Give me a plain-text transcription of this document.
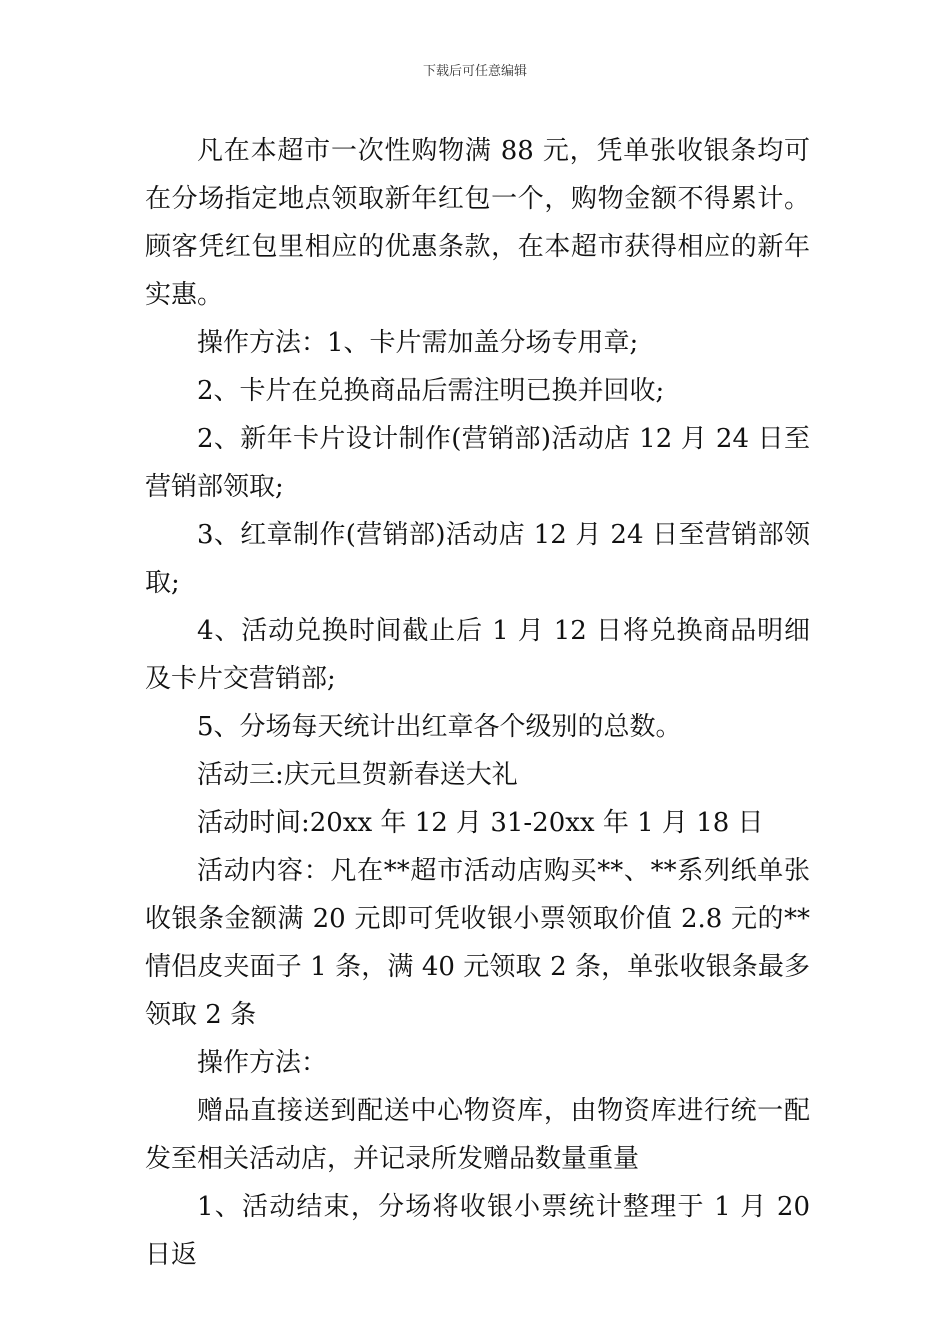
下载后可任意编辑

凡在本超市一次性购物满 88 元，凭单张收银条均可在分场指定地点领取新年红包一个，购物金额不得累计。顾客凭红包里相应的优惠条款，在本超市获得相应的新年实惠。

操作方法：1、卡片需加盖分场专用章;

2、卡片在兑换商品后需注明已换并回收;

2、新年卡片设计制作(营销部)活动店 12 月 24 日至营销部领取;

3、红章制作(营销部)活动店 12 月 24 日至营销部领取;

4、活动兑换时间截止后 1 月 12 日将兑换商品明细及卡片交营销部;

5、分场每天统计出红章各个级别的总数。

活动三:庆元旦贺新春送大礼

活动时间:20xx 年 12 月 31-20xx 年 1 月 18 日

活动内容：凡在**超市活动店购买**、**系列纸单张收银条金额满 20 元即可凭收银小票领取价值 2.8 元的**情侣皮夹面子 1 条，满 40 元领取 2 条，单张收银条最多领取 2 条

操作方法：

赠品直接送到配送中心物资库，由物资库进行统一配发至相关活动店，并记录所发赠品数量重量

1、活动结束，分场将收银小票统计整理于 1 月 20 日返
